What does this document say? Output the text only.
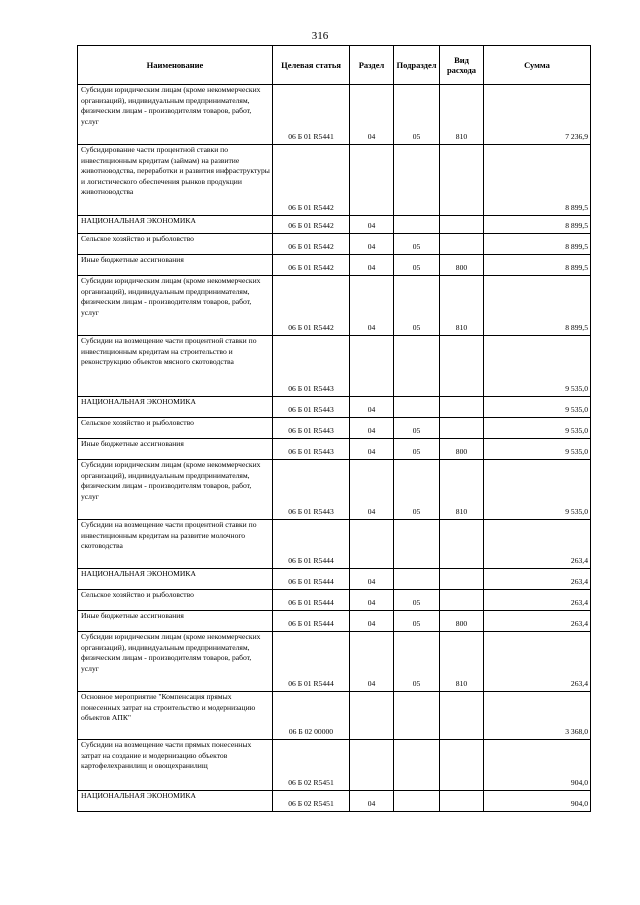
316
Наименование	Целевая статья	Раздел	Подраздел	Вид расхода	Сумма
Субсидии юридическим лицам (кроме некоммерческих организаций), индивидуальным предпринимателям, физическим лицам - производителям товаров, работ, услуг	06 Б 01 R5441	04	05	810	7 236,9
Субсидирование части процентной ставки по инвестиционным кредитам (займам) на развитие животноводства, переработки и развития инфраструктуры и логистического обеспечения рынков продукции животноводства	06 Б 01 R5442				8 899,5
НАЦИОНАЛЬНАЯ ЭКОНОМИКА	06 Б 01 R5442	04			8 899,5
Сельское хозяйство и рыболовство	06 Б 01 R5442	04	05		8 899,5
Иные бюджетные ассигнования	06 Б 01 R5442	04	05	800	8 899,5
Субсидии юридическим лицам (кроме некоммерческих организаций), индивидуальным предпринимателям, физическим лицам - производителям товаров, работ, услуг	06 Б 01 R5442	04	05	810	8 899,5
Субсидии на возмещение части процентной ставки по инвестиционным кредитам на строительство и реконструкцию объектов мясного скотоводства	06 Б 01 R5443				9 535,0
НАЦИОНАЛЬНАЯ ЭКОНОМИКА	06 Б 01 R5443	04			9 535,0
Сельское хозяйство и рыболовство	06 Б 01 R5443	04	05		9 535,0
Иные бюджетные ассигнования	06 Б 01 R5443	04	05	800	9 535,0
Субсидии юридическим лицам (кроме некоммерческих организаций), индивидуальным предпринимателям, физическим лицам - производителям товаров, работ, услуг	06 Б 01 R5443	04	05	810	9 535,0
Субсидии на возмещение части процентной ставки по инвестиционным кредитам на развитие молочного скотоводства	06 Б 01 R5444				263,4
НАЦИОНАЛЬНАЯ ЭКОНОМИКА	06 Б 01 R5444	04			263,4
Сельское хозяйство и рыболовство	06 Б 01 R5444	04	05		263,4
Иные бюджетные ассигнования	06 Б 01 R5444	04	05	800	263,4
Субсидии юридическим лицам (кроме некоммерческих организаций), индивидуальным предпринимателям, физическим лицам - производителям товаров, работ, услуг	06 Б 01 R5444	04	05	810	263,4
Основное мероприятие "Компенсация прямых понесенных затрат на строительство и модернизацию объектов АПК"	06 Б 02 00000				3 368,0
Субсидии на возмещение части прямых понесенных затрат на создание и модернизацию объектов картофелехранилищ и овощехранилищ	06 Б 02 R5451				904,0
НАЦИОНАЛЬНАЯ ЭКОНОМИКА	06 Б 02 R5451	04			904,0
